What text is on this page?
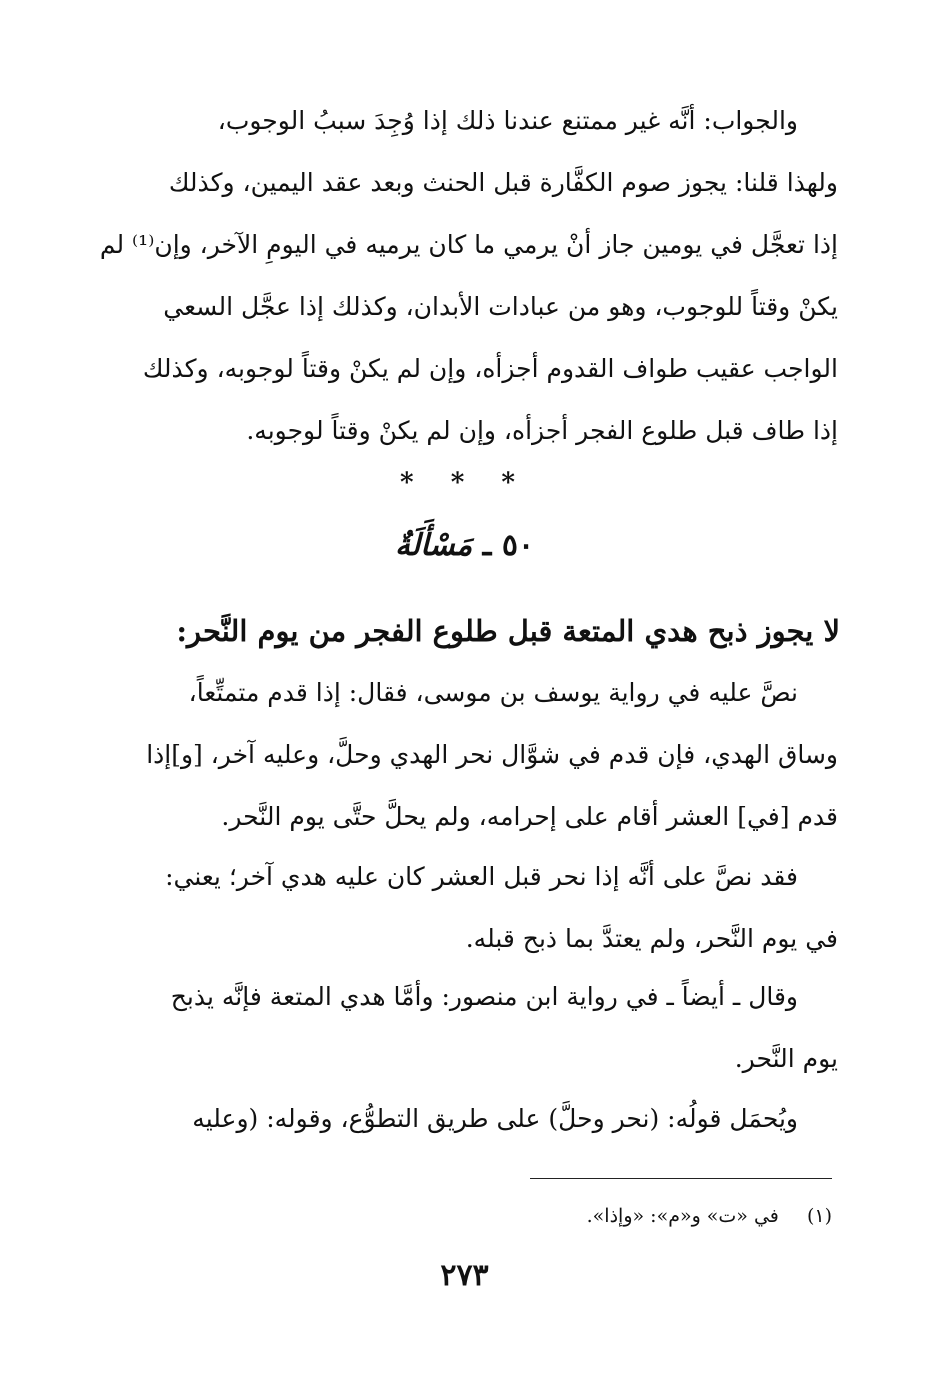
والجواب: أنَّه غير ممتنع عندنا ذلك إذا وُجِدَ سببُ الوجوب،
ولهذا قلنا: يجوز صوم الكفَّارة قبل الحنث وبعد عقد اليمين، وكذلك
إذا تعجَّل في يومين جاز أنْ يرمي ما كان يرميه في اليومِ الآخر، وإن⁽¹⁾ لم
يكنْ وقتاً للوجوب، وهو من عبادات الأبدان، وكذلك إذا عجَّل السعي
الواجب عقيب طواف القدوم أجزأه، وإن لم يكنْ وقتاً لوجوبه، وكذلك
إذا طاف قبل طلوع الفجر أجزأه، وإن لم يكنْ وقتاً لوجوبه.
* * *
٥٠ ـ مَسْأَلَةٌ
لا يجوز ذبح هدي المتعة قبل طلوع الفجر من يوم النَّحر:
نصَّ عليه في رواية يوسف بن موسى، فقال: إذا قدم متمتِّعاً،
وساق الهدي، فإن قدم في شوَّال نحر الهدي وحلَّ، وعليه آخر، [و]إذا
قدم [في] العشر أقام على إحرامه، ولم يحلَّ حتَّى يوم النَّحر.
فقد نصَّ على أنَّه إذا نحر قبل العشر كان عليه هدي آخر؛ يعني:
في يوم النَّحر، ولم يعتدَّ بما ذبح قبله.
وقال ـ أيضاً ـ في رواية ابن منصور: وأمَّا هدي المتعة فإنَّه يذبح
يوم النَّحر.
ويُحمَل قولُه: (نحر وحلَّ) على طريق التطوُّع، وقوله: (وعليه
(١) في «ت» و«م»: «وإذا».
٢٧٣
